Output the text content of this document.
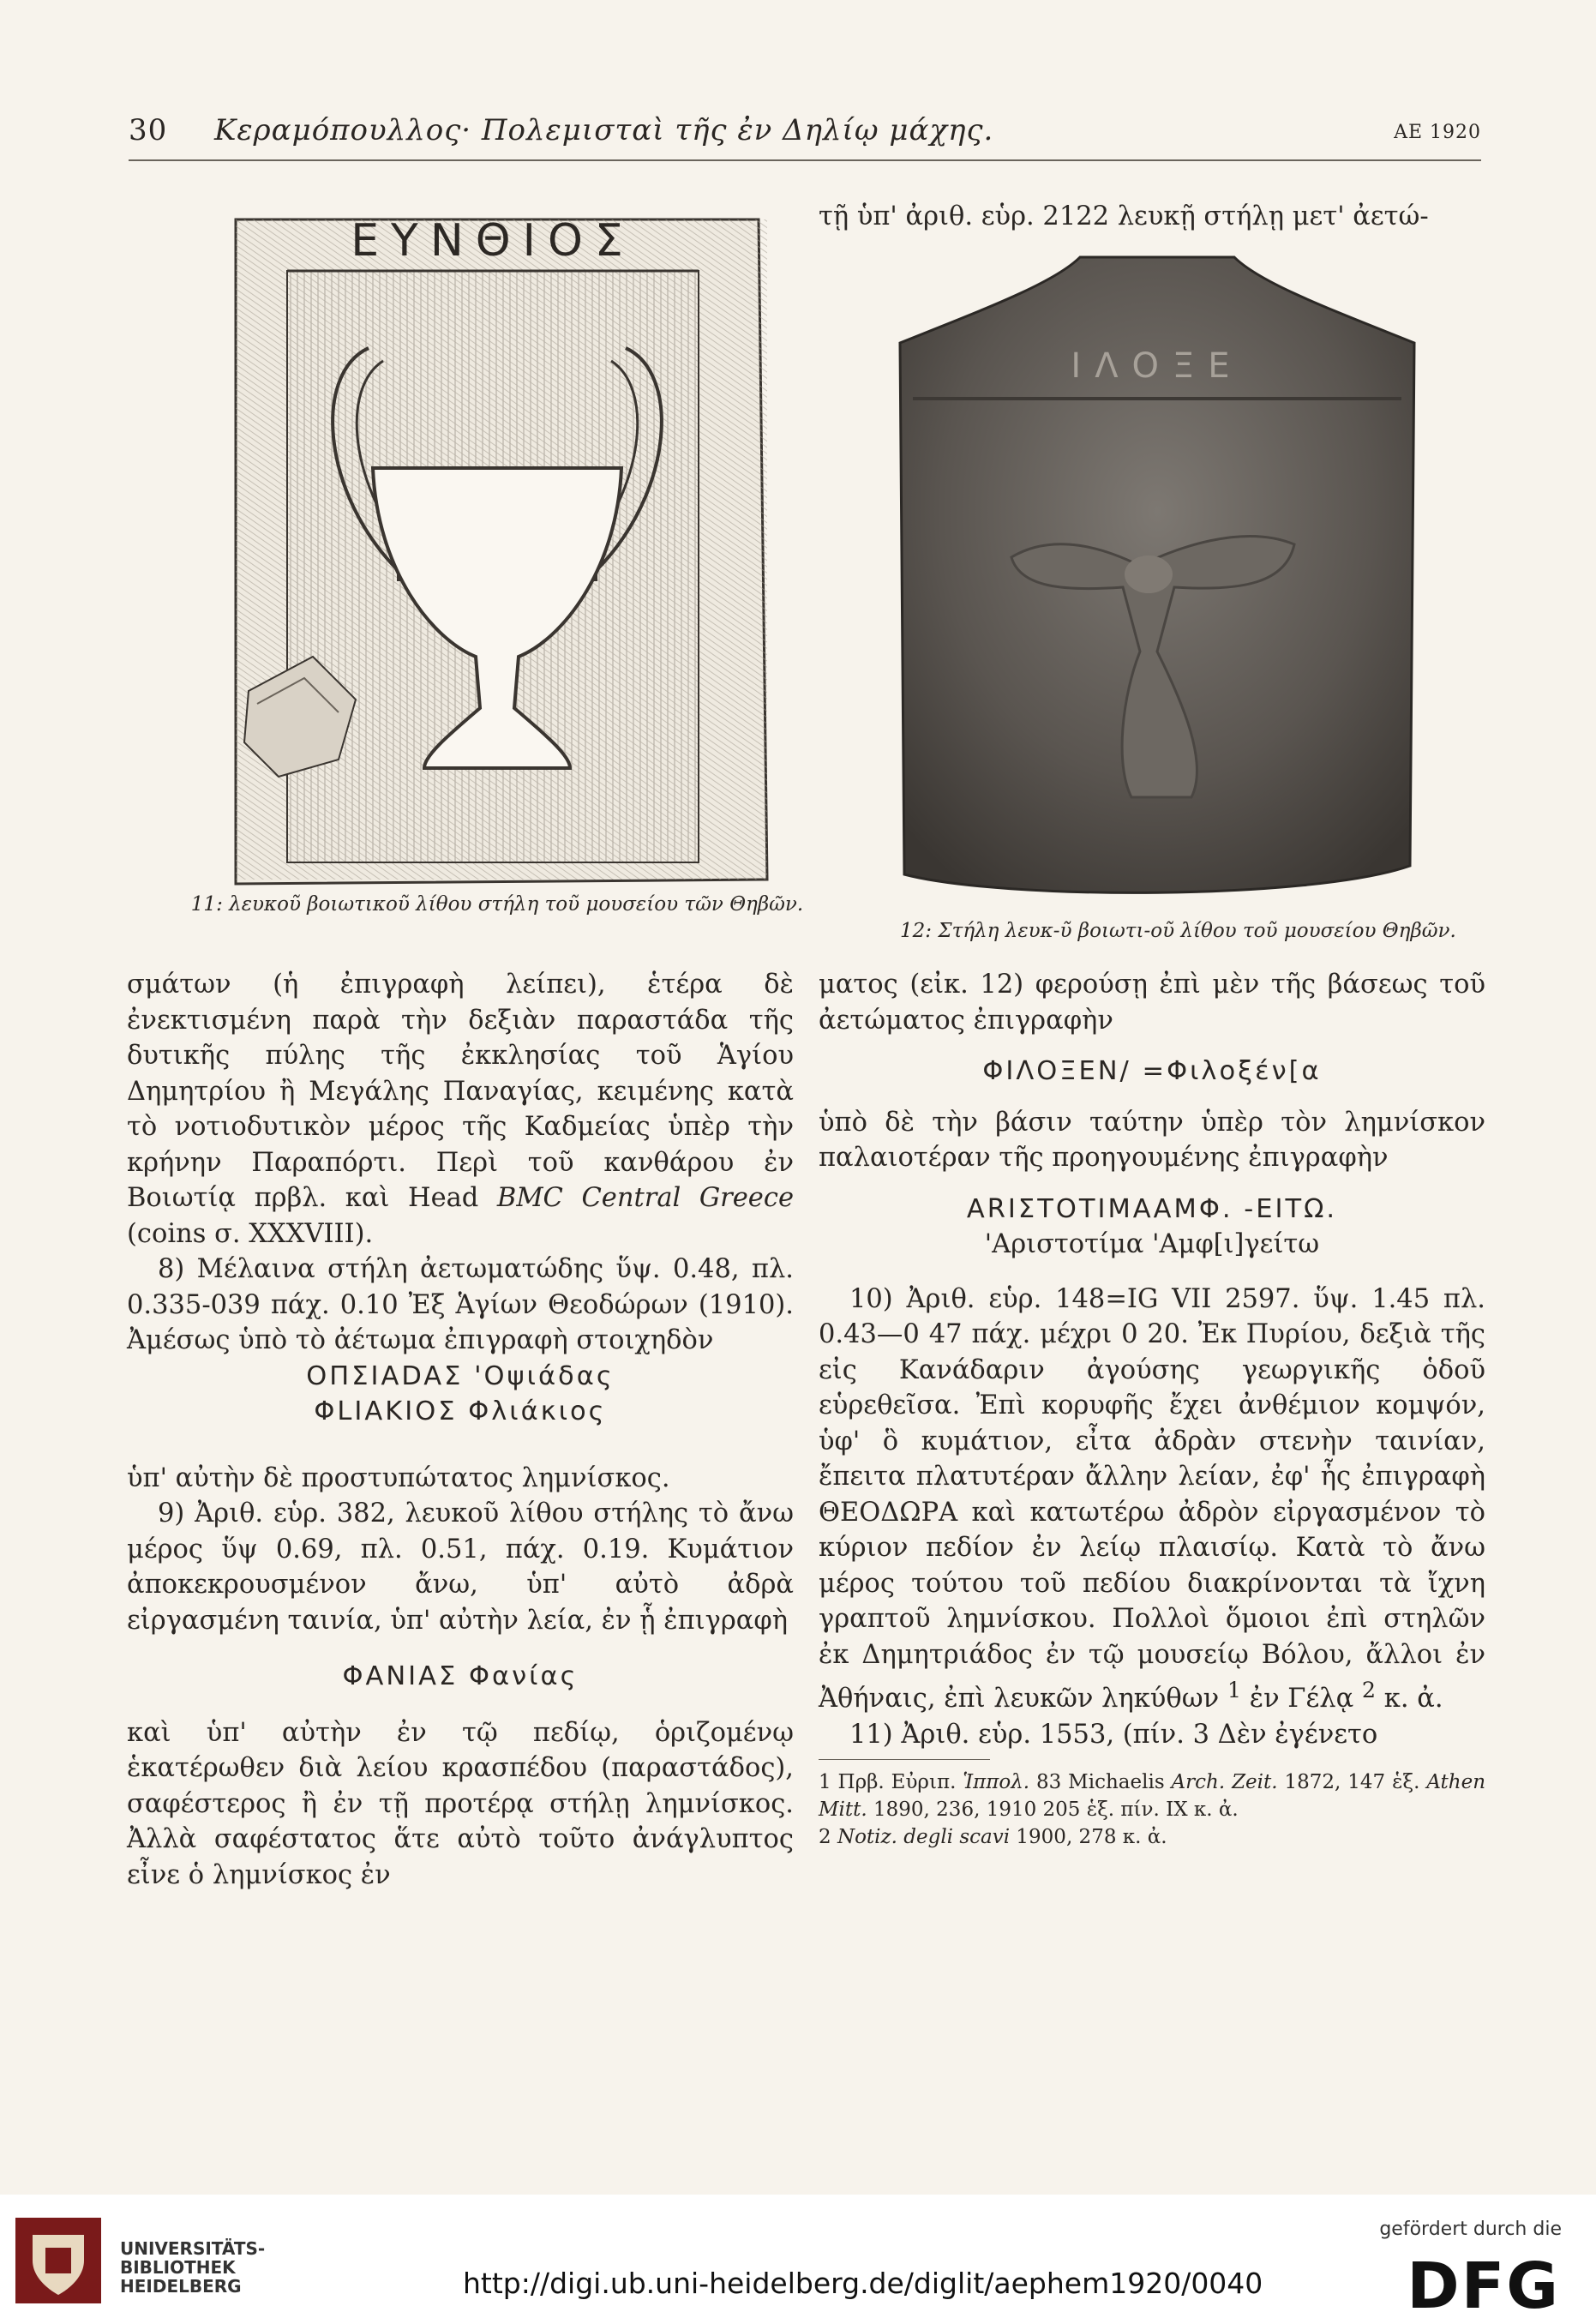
30 Κεραμόπουλλος· Πολεμισταὶ τῆς ἐν Δηλίῳ μάχης.	ΑΕ 1920
ΕΥΝΘΙΟΣ
11: λευκοῦ βοιωτικοῦ λίθου στήλη τοῦ μουσείου τῶν Θηβῶν.
ΙΛΟΞΕ
12: Στήλη λευκ-ῦ βοιωτι-οῦ λίθου τοῦ μουσείου Θηβῶν.

σμάτων (ἡ ἐπιγραφὴ λείπει), ἑτέρα δὲ ἐνεκτισμένη παρὰ τὴν δεξιὰν παραστάδα τῆς δυτικῆς πύλης τῆς ἐκκλησίας τοῦ Ἁγίου Δημητρίου ἢ Μεγάλης Παναγίας, κειμένης κατὰ τὸ νοτιοδυτικὸν μέρος τῆς Καδμείας ὑπὲρ τὴν κρήνην Παραπόρτι. Περὶ τοῦ κανθάρου ἐν Βοιωτίᾳ πρβλ. καὶ Head BMC Central Greece (coins σ. XXXVIII).

8) Μέλαινα στήλη ἀετωματώδης ὕψ. 0.48, πλ. 0.335-039 πάχ. 0.10 Ἐξ Ἁγίων Θεοδώρων (1910). Ἀμέσως ὑπὸ τὸ ἀέτωμα ἐπιγραφὴ στοιχηδὸν

ΟΠΣΙΑDAΣ 'Οψιάδας

ΦLIAKIOΣ Φλιάκιος

ὑπ' αὐτὴν δὲ προστυπώτατος λημνίσκος.

9) Ἀριθ. εὑρ. 382, λευκοῦ λίθου στήλης τὸ ἄνω μέρος ὕψ 0.69, πλ. 0.51, πάχ. 0.19. Κυμάτιον ἀποκεκρουσμένον ἄνω, ὑπ' αὐτὸ ἀδρὰ εἰργασμένη ταινία, ὑπ' αὐτὴν λεία, ἐν ᾗ ἐπιγραφὴ

ΦΑΝΙΑΣ Φανίας

καὶ ὑπ' αὐτὴν ἐν τῷ πεδίῳ, ὁριζομένῳ ἑκατέρωθεν διὰ λείου κρασπέδου (παραστάδος), σαφέστερος ἢ ἐν τῇ προτέρᾳ στήλῃ λημνίσκος. Ἀλλὰ σαφέστατος ἅτε αὐτὸ τοῦτο ἀνάγλυπτος εἶνε ὁ λημνίσκος ἐν

τῇ ὑπ' ἀριθ. εὑρ. 2122 λευκῇ στήλῃ μετ' ἀετώ-

ματος (εἰκ. 12) φερούσῃ ἐπὶ μὲν τῆς βάσεως τοῦ ἀετώματος ἐπιγραφὴν

ΦΙΛΟΞΕΝ/ =Φιλοξέν[α

ὑπὸ δὲ τὴν βάσιν ταύτην ὑπὲρ τὸν λημνίσκον παλαιοτέραν τῆς προηγουμένης ἐπιγραφὴν

ΑRIΣΤΟΤΙΜΑΑΜΦ. -ΕΙΤΩ.

'Αριστοτίμα 'Αμφ[ι]γείτω

10) Ἀριθ. εὑρ. 148=IG VII 2597. ὕψ. 1.45 πλ. 0.43—0 47 πάχ. μέχρι 0 20. Ἐκ Πυρίου, δεξιὰ τῆς εἰς Κανάδαριν ἀγούσης γεωργικῆς ὁδοῦ εὑρεθεῖσα. Ἐπὶ κορυφῆς ἔχει ἀνθέμιον κομψόν, ὑφ' ὃ κυμάτιον, εἶτα ἀδρὰν στενὴν ταινίαν, ἔπειτα πλατυτέραν ἄλλην λείαν, ἐφ' ἧς ἐπιγραφὴ ΘΕΟΔΩΡΑ καὶ κατωτέρω ἀδρὸν εἰργασμένον τὸ κύριον πεδίον ἐν λείῳ πλαισίῳ. Κατὰ τὸ ἄνω μέρος τούτου τοῦ πεδίου διακρίνονται τὰ ἴχνη γραπτοῦ λημνίσκου. Πολλοὶ ὅμοιοι ἐπὶ στηλῶν ἐκ Δημητριάδος ἐν τῷ μουσείῳ Βόλου, ἄλλοι ἐν Ἀθήναις, ἐπὶ λευκῶν ληκύθων $^1$ ἐν Γέλᾳ $^2$ κ. ἀ.

11) Ἀριθ. εὑρ. 1553, (πίν. 3 Δὲν ἐγένετο

1 Πρβ. Εὐριπ. Ἱππολ. 83 Michaelis Arch. Zeit. 1872, 147 ἑξ. Athen Mitt. 1890, 236, 1910 205 ἑξ. πίν. IX κ. ἀ.

2 Notiz. degli scavi 1900, 278 κ. ἀ.

UNIVERSITÄTS-
BIBLIOTHEK
HEIDELBERG	http://digi.ub.uni-heidelberg.de/diglit/aephem1920/0040
gefördert durch die
DFG
